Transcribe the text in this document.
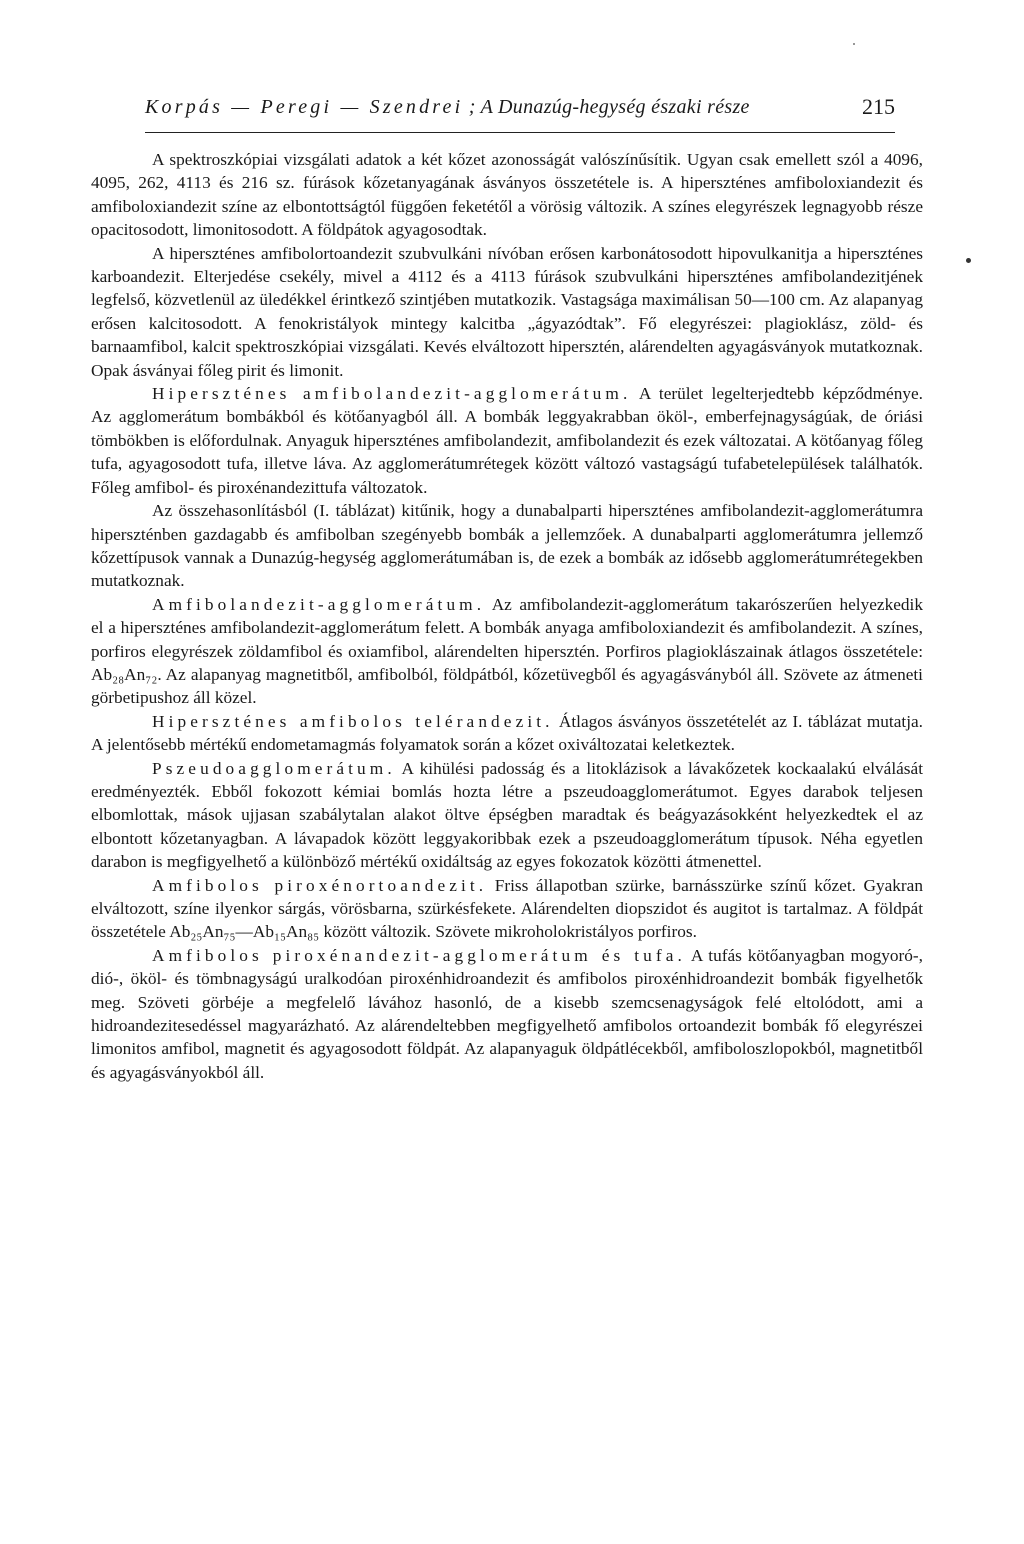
Korpás — Peregi — Szendrei ; A Dunazúg-hegység északi része	215

A spektroszkópiai vizsgálati adatok a két kőzet azonosságát valószínűsítik. Ugyan csak emellett szól a 4096, 4095, 262, 4113 és 216 sz. fúrások kőzetanyagának ásványos összetétele is. A hiperszténes amfiboloxiandezit és amfiboloxiandezit színe az elbontottságtól függően feketétől a vörösig változik. A színes elegyrészek legnagyobb része opacitosodott, limonitosodott. A földpátok agyagosodtak.

A hiperszténes amfibolortoandezit szubvulkáni nívóban erősen karbonátosodott hipovulkanitja a hiperszténes karboandezit. Elterjedése csekély, mivel a 4112 és a 4113 fúrások szubvulkáni hiperszténes amfibolandezitjének legfelső, közvetlenül az üledékkel érintkező szintjében mutatkozik. Vastagsága maximálisan 50—100 cm. Az alapanyag erősen kalcitosodott. A fenokristályok mintegy kalcitba „ágyazódtak”. Fő elegyrészei: plagioklász, zöld- és barnaamfibol, kalcit spektroszkópiai vizsgálati. Kevés elváltozott hipersztén, alárendelten agyagásványok mutatkoznak. Opak ásványai főleg pirit és limonit.

Hiperszténes amfibolandezit-agglomerátum. A terület legelterjedtebb képződménye. Az agglomerátum bombákból és kötőanyagból áll. A bombák leggyakrabban ököl-, emberfejnagyságúak, de óriási tömbökben is előfordulnak. Anyaguk hiperszténes amfibolandezit, amfibolandezit és ezek változatai. A kötőanyag főleg tufa, agyagosodott tufa, illetve láva. Az agglomerátumrétegek között változó vastagságú tufabetelepülések találhatók. Főleg amfibol- és piroxénandezittufa változatok.

Az összehasonlításból (I. táblázat) kitűnik, hogy a dunabalparti hiperszténes amfibolandezit-agglomerátumra hiperszténben gazdagabb és amfibolban szegényebb bombák a jellemzőek. A dunabalparti agglomerátumra jellemző kőzettípusok vannak a Dunazúg-hegység agglomerátumában is, de ezek a bombák az idősebb agglomerátumrétegekben mutatkoznak.

Amfibolandezit-agglomerátum. Az amfibolandezit-agglomerátum takarószerűen helyezkedik el a hiperszténes amfibolandezit-agglomerátum felett. A bombák anyaga amfiboloxiandezit és amfibolandezit. A színes, porfiros elegyrészek zöldamfibol és oxiamfibol, alárendelten hipersztén. Porfiros plagioklászainak átlagos összetétele: Ab₂₈An₇₂. Az alapanyag magnetitből, amfibolból, földpátból, kőzetüvegből és agyagásványból áll. Szövete az átmeneti görbetipushoz áll közel.

Hiperszténes amfibolos telérandezit. Átlagos ásványos összetételét az I. táblázat mutatja. A jelentősebb mértékű endometamagmás folyamatok során a kőzet oxiváltozatai keletkeztek.

Pszeudoagglomerátum. A kihülési padosság és a litoklázisok a lávakőzetek kockaalakú elválását eredményezték. Ebből fokozott kémiai bomlás hozta létre a pszeudoagglomerátumot. Egyes darabok teljesen elbomlottak, mások ujjasan szabálytalan alakot öltve épségben maradtak és beágyazásokként helyezkedtek el az elbontott kőzetanyagban. A lávapadok között leggyakoribbak ezek a pszeudoagglomerátum típusok. Néha egyetlen darabon is megfigyelhető a különböző mértékű oxidáltság az egyes fokozatok közötti átmenettel.

Amfibolos piroxénortoandezit. Friss állapotban szürke, barnásszürke színű kőzet. Gyakran elváltozott, színe ilyenkor sárgás, vörösbarna, szürkésfekete. Alárendelten diopszidot és augitot is tartalmaz. A földpát összetétele Ab₂₅An₇₅—Ab₁₅An₈₅ között változik. Szövete mikroholokristályos porfiros.

Amfibolos piroxénandezit-agglomerátum és tufa. A tufás kötőanyagban mogyoró-, dió-, ököl- és tömbnagyságú uralkodóan piroxénhidroandezit és amfibolos piroxénhidroandezit bombák figyelhetők meg. Szöveti görbéje a megfelelő lávához hasonló, de a kisebb szemcsenagyságok felé eltolódott, ami a hidroandezitesedéssel magyarázható. Az alárendeltebben megfigyelhető amfibolos ortoandezit bombák fő elegyrészei limonitos amfibol, magnetit és agyagosodott földpát. Az alapanyaguk öldpátlécekből, amfiboloszlopokból, magnetitből és agyagásványokból áll.
